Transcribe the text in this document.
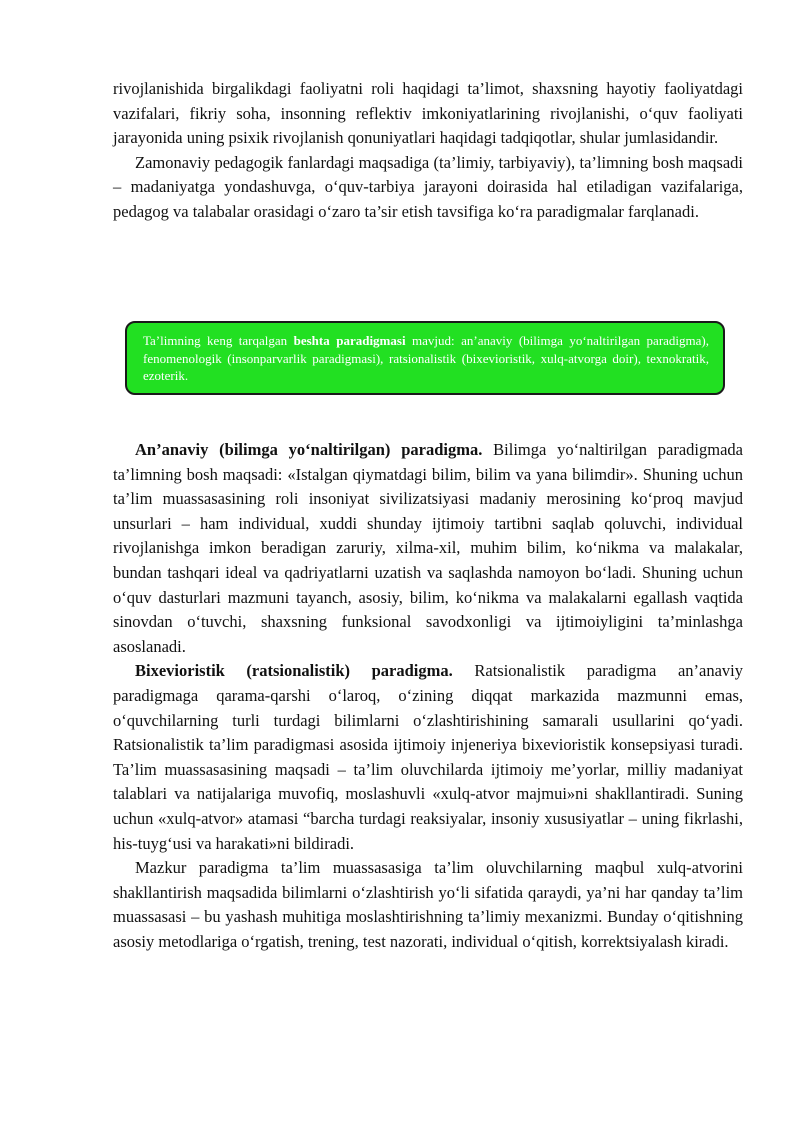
rivojlanishida birgalikdagi faoliyatni roli haqidagi ta’limot, shaxsning hayotiy faoliyatdagi vazifalari, fikriy soha, insonning reflektiv imkoniyatlarining rivojlanishi, o‘quv faoliyati jarayonida uning psixik rivojlanish qonuniyatlari haqidagi tadqiqotlar, shular jumlasidandir.

Zamonaviy pedagogik fanlardagi maqsadiga (ta’limiy, tarbiyaviy), ta’limning bosh maqsadi – madaniyatga yondashuvga, o‘quv-tarbiya jarayoni doirasida hal etiladigan vazifalariga, pedagog va talabalar orasidagi o‘zaro ta’sir etish tavsifiga ko‘ra paradigmalar farqlanadi.

Ta’limning keng tarqalgan beshta paradigmasi mavjud: an’anaviy (bilimga yo‘naltirilgan paradigma), fenomenologik (insonparvarlik paradigmasi), ratsionalistik (bixevioristik, xulq-atvorga doir), texnokratik, ezoterik.

An’anaviy (bilimga yo‘naltirilgan) paradigma. Bilimga yo‘naltirilgan paradigmada ta’limning bosh maqsadi: «Istalgan qiymatdagi bilim, bilim va yana bilimdir». Shuning uchun ta’lim muassasasining roli insoniyat sivilizatsiyasi madaniy merosining ko‘proq mavjud unsurlari – ham individual, xuddi shunday ijtimoiy tartibni saqlab qoluvchi, individual rivojlanishga imkon beradigan zaruriy, xilma-xil, muhim bilim, ko‘nikma va malakalar, bundan tashqari ideal va qadriyatlarni uzatish va saqlashda namoyon bo‘ladi. Shuning uchun o‘quv dasturlari mazmuni tayanch, asosiy, bilim, ko‘nikma va malakalarni egallash vaqtida sinovdan o‘tuvchi, shaxsning funksional savodxonligi va ijtimoiyligini ta’minlashga asoslanadi.

Bixevioristik (ratsionalistik) paradigma. Ratsionalistik paradigma an’anaviy paradigmaga qarama-qarshi o‘laroq, o‘zining diqqat markazida mazmunni emas, o‘quvchilarning turli turdagi bilimlarni o‘zlashtirishining samarali usullarini qo‘yadi. Ratsionalistik ta’lim paradigmasi asosida ijtimoiy injeneriya bixevioristik konsepsiyasi turadi. Ta’lim muassasasining maqsadi – ta’lim oluvchilarda ijtimoiy me’yorlar, milliy madaniyat talablari va natijalariga muvofiq, moslashuvli «xulq-atvor majmui»ni shakllantiradi. Suning uchun «xulq-atvor» atamasi “barcha turdagi reaksiyalar, insoniy xususiyatlar – uning fikrlashi, his-tuyg‘usi va harakati»ni bildiradi.

Mazkur paradigma ta’lim muassasasiga ta’lim oluvchilarning maqbul xulq-atvorini shakllantirish maqsadida bilimlarni o‘zlashtirish yo‘li sifatida qaraydi, ya’ni har qanday ta’lim muassasasi – bu yashash muhitiga moslashtirishning ta’limiy mexanizmi. Bunday o‘qitishning asosiy metodlariga o‘rgatish, trening, test nazorati, individual o‘qitish, korrektsiyalash kiradi.
